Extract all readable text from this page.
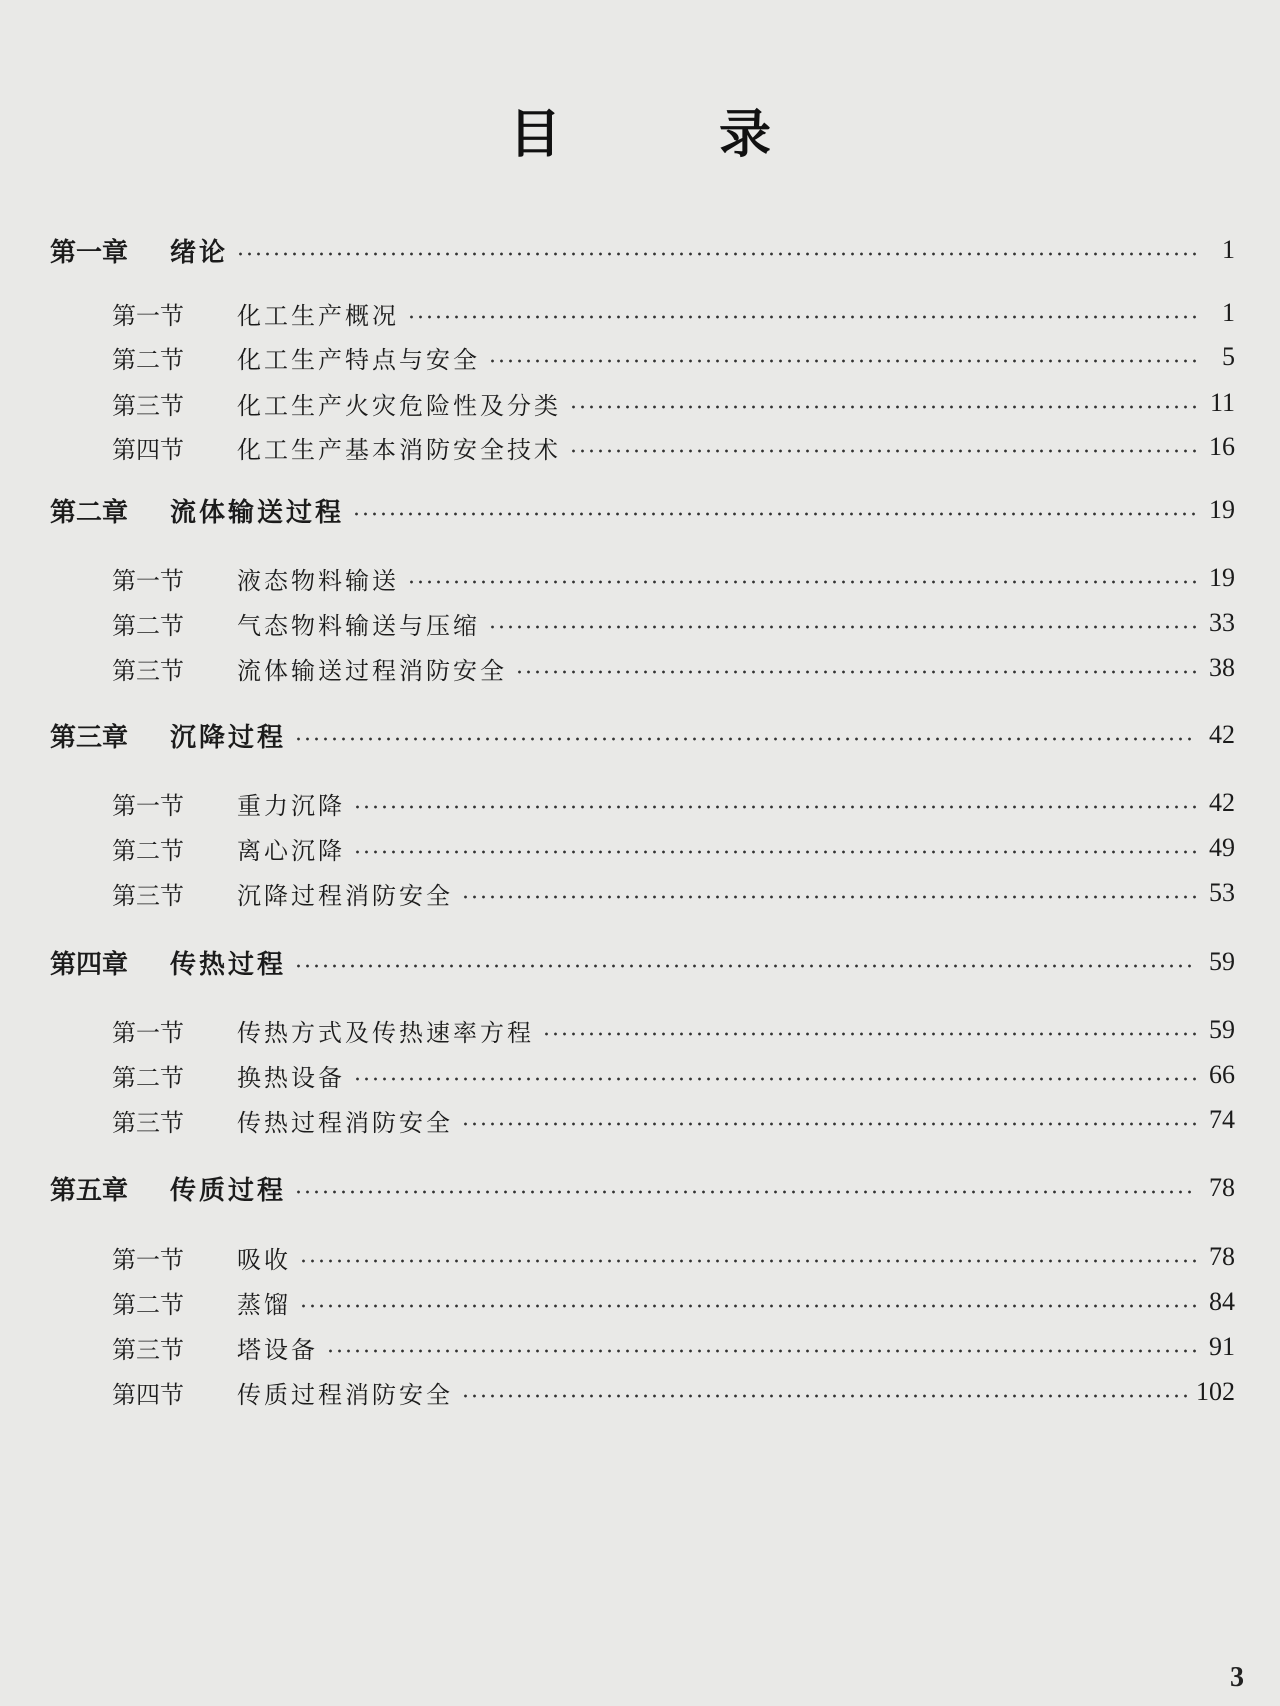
目 录
第一章	绪论	1
第一节	化工生产概况	1
第二节	化工生产特点与安全	5
第三节	化工生产火灾危险性及分类	11
第四节	化工生产基本消防安全技术	16
第二章	流体输送过程	19
第一节	液态物料输送	19
第二节	气态物料输送与压缩	33
第三节	流体输送过程消防安全	38
第三章	沉降过程	42
第一节	重力沉降	42
第二节	离心沉降	49
第三节	沉降过程消防安全	53
第四章	传热过程	59
第一节	传热方式及传热速率方程	59
第二节	换热设备	66
第三节	传热过程消防安全	74
第五章	传质过程	78
第一节	吸收	78
第二节	蒸馏	84
第三节	塔设备	91
第四节	传质过程消防安全	102
3
